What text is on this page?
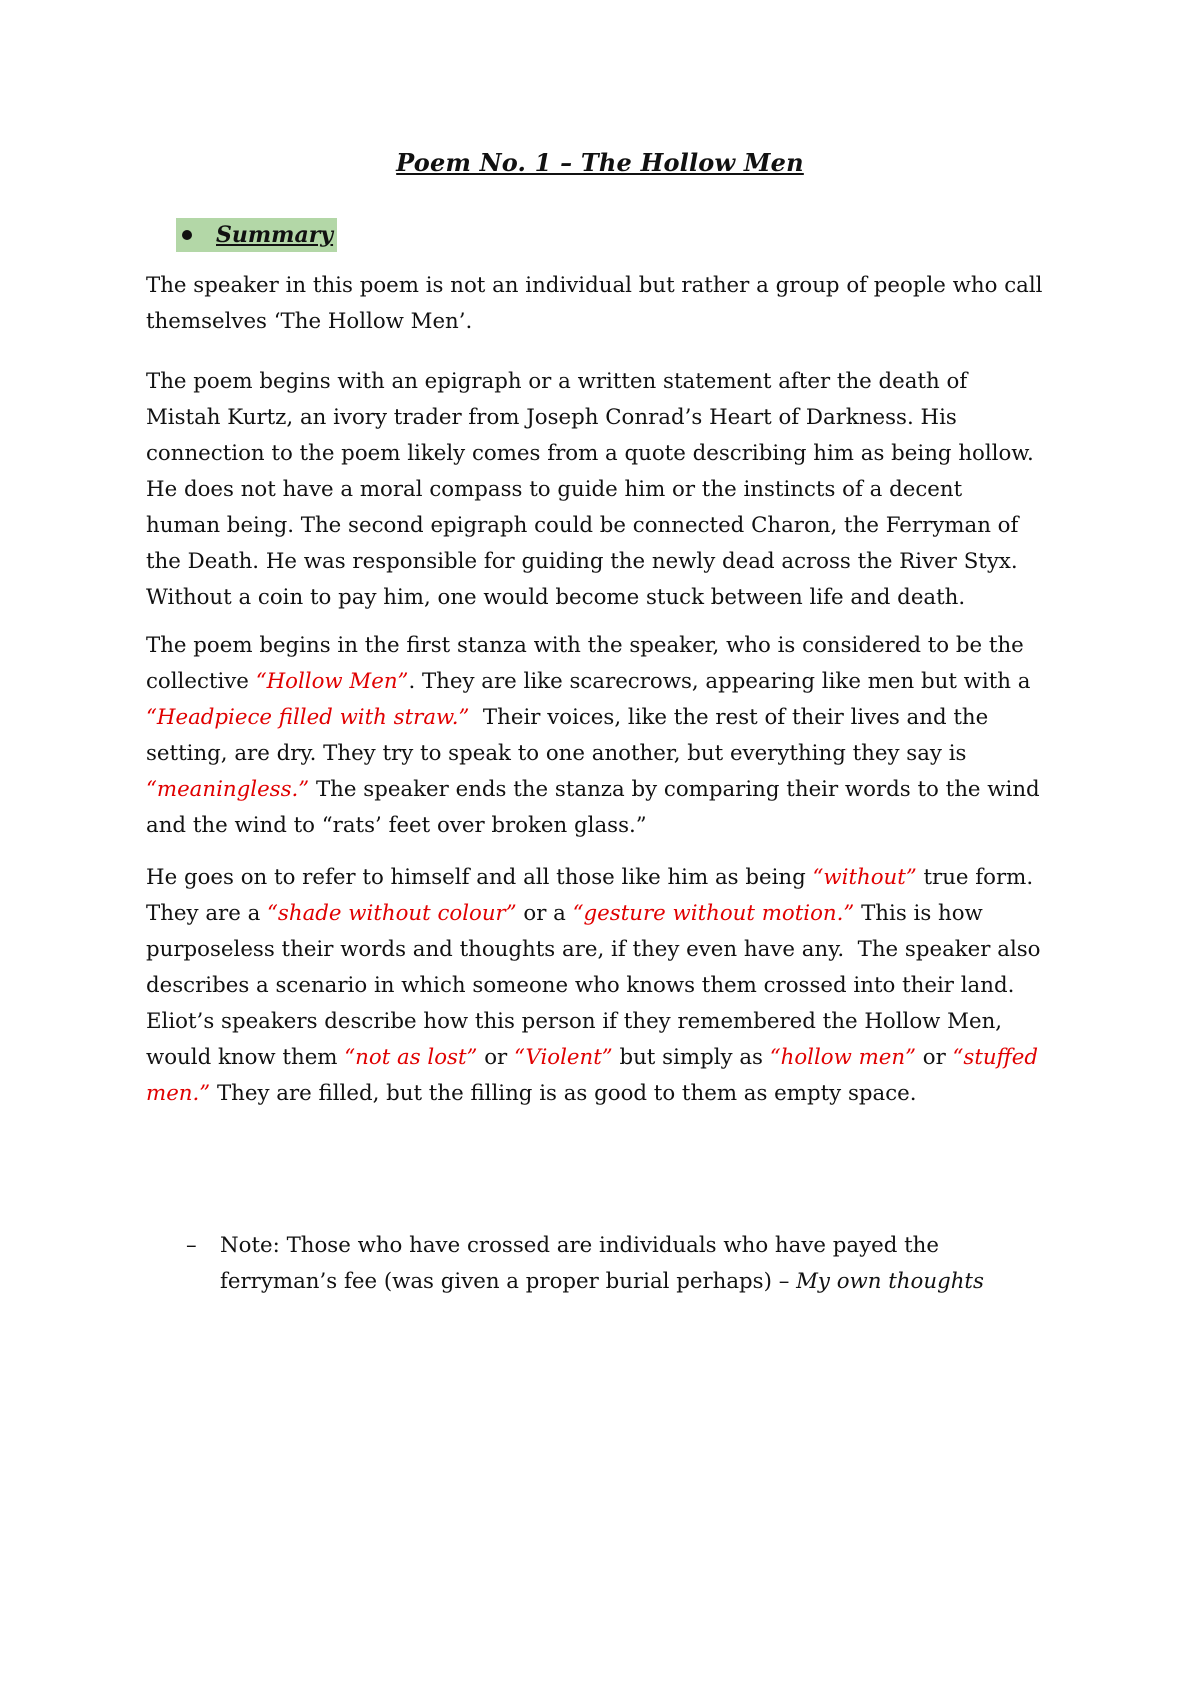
Poem No. 1 – The Hollow Men
Summary

The speaker in this poem is not an individual but rather a group of people who call
themselves ‘The Hollow Men’.

The poem begins with an epigraph or a written statement after the death of
Mistah Kurtz, an ivory trader from Joseph Conrad’s Heart of Darkness. His
connection to the poem likely comes from a quote describing him as being hollow.
He does not have a moral compass to guide him or the instincts of a decent
human being. The second epigraph could be connected Charon, the Ferryman of
the Death. He was responsible for guiding the newly dead across the River Styx.
Without a coin to pay him, one would become stuck between life and death.

The poem begins in the first stanza with the speaker, who is considered to be the
collective “Hollow Men”. They are like scarecrows, appearing like men but with a
“Headpiece filled with straw.”  Their voices, like the rest of their lives and the
setting, are dry. They try to speak to one another, but everything they say is
“meaningless.” The speaker ends the stanza by comparing their words to the wind
and the wind to “rats’ feet over broken glass.”

He goes on to refer to himself and all those like him as being “without” true form.
They are a “shade without colour” or a “gesture without motion.” This is how
purposeless their words and thoughts are, if they even have any.  The speaker also
describes a scenario in which someone who knows them crossed into their land.
Eliot’s speakers describe how this person if they remembered the Hollow Men,
would know them “not as lost” or “Violent” but simply as “hollow men” or “stuffed
men.” They are filled, but the filling is as good to them as empty space.

– Note: Those who have crossed are individuals who have payed the
ferryman’s fee (was given a proper burial perhaps) – My own thoughts
